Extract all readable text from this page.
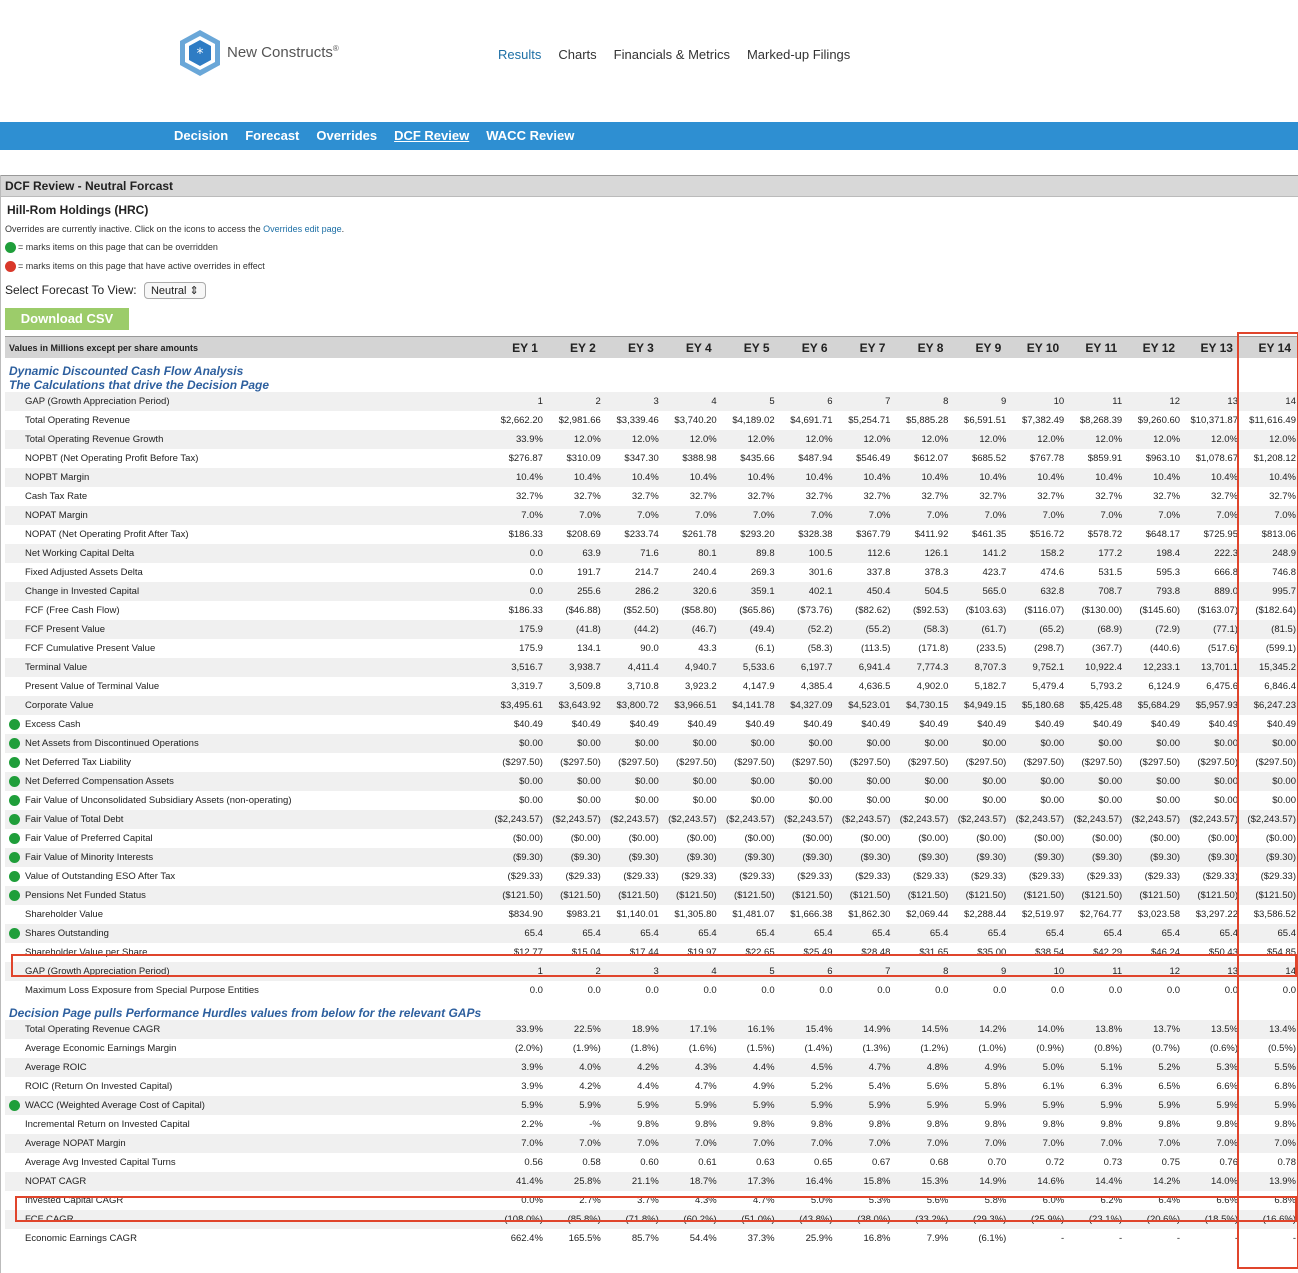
* New Constructs®	Results Charts Financials & Metrics Marked-up Filings
Decision Forecast Overrides DCF Review WACC Review
DCF Review - Neutral Forcast
Hill-Rom Holdings (HRC)
Overrides are currently inactive. Click on the icons to access the Overrides edit page.
= marks items on this page that can be overridden
= marks items on this page that have active overrides in effect
Select Forecast To View: Neutral ⇕
Download CSV
Values in Millions except per share amounts	EY 1	EY 2	EY 3	EY 4	EY 5	EY 6	EY 7	EY 8	EY 9	EY 10	EY 11	EY 12	EY 13	EY 14

Dynamic Discounted Cash Flow Analysis
The Calculations that drive the Decision Page														

GAP (Growth Appreciation Period)	1	2	3	4	5	6	7	8	9	10	11	12	13	14
Total Operating Revenue	$2,662.20	$2,981.66	$3,339.46	$3,740.20	$4,189.02	$4,691.71	$5,254.71	$5,885.28	$6,591.51	$7,382.49	$8,268.39	$9,260.60	$10,371.87	$11,616.49
Total Operating Revenue Growth	33.9%	12.0%	12.0%	12.0%	12.0%	12.0%	12.0%	12.0%	12.0%	12.0%	12.0%	12.0%	12.0%	12.0%
NOPBT (Net Operating Profit Before Tax)	$276.87	$310.09	$347.30	$388.98	$435.66	$487.94	$546.49	$612.07	$685.52	$767.78	$859.91	$963.10	$1,078.67	$1,208.12
NOPBT Margin	10.4%	10.4%	10.4%	10.4%	10.4%	10.4%	10.4%	10.4%	10.4%	10.4%	10.4%	10.4%	10.4%	10.4%
Cash Tax Rate	32.7%	32.7%	32.7%	32.7%	32.7%	32.7%	32.7%	32.7%	32.7%	32.7%	32.7%	32.7%	32.7%	32.7%
NOPAT Margin	7.0%	7.0%	7.0%	7.0%	7.0%	7.0%	7.0%	7.0%	7.0%	7.0%	7.0%	7.0%	7.0%	7.0%
NOPAT (Net Operating Profit After Tax)	$186.33	$208.69	$233.74	$261.78	$293.20	$328.38	$367.79	$411.92	$461.35	$516.72	$578.72	$648.17	$725.95	$813.06
Net Working Capital Delta	0.0	63.9	71.6	80.1	89.8	100.5	112.6	126.1	141.2	158.2	177.2	198.4	222.3	248.9
Fixed Adjusted Assets Delta	0.0	191.7	214.7	240.4	269.3	301.6	337.8	378.3	423.7	474.6	531.5	595.3	666.8	746.8
Change in Invested Capital	0.0	255.6	286.2	320.6	359.1	402.1	450.4	504.5	565.0	632.8	708.7	793.8	889.0	995.7
FCF (Free Cash Flow)	$186.33	($46.88)	($52.50)	($58.80)	($65.86)	($73.76)	($82.62)	($92.53)	($103.63)	($116.07)	($130.00)	($145.60)	($163.07)	($182.64)
FCF Present Value	175.9	(41.8)	(44.2)	(46.7)	(49.4)	(52.2)	(55.2)	(58.3)	(61.7)	(65.2)	(68.9)	(72.9)	(77.1)	(81.5)
FCF Cumulative Present Value	175.9	134.1	90.0	43.3	(6.1)	(58.3)	(113.5)	(171.8)	(233.5)	(298.7)	(367.7)	(440.6)	(517.6)	(599.1)
Terminal Value	3,516.7	3,938.7	4,411.4	4,940.7	5,533.6	6,197.7	6,941.4	7,774.3	8,707.3	9,752.1	10,922.4	12,233.1	13,701.1	15,345.2
Present Value of Terminal Value	3,319.7	3,509.8	3,710.8	3,923.2	4,147.9	4,385.4	4,636.5	4,902.0	5,182.7	5,479.4	5,793.2	6,124.9	6,475.6	6,846.4
Corporate Value	$3,495.61	$3,643.92	$3,800.72	$3,966.51	$4,141.78	$4,327.09	$4,523.01	$4,730.15	$4,949.15	$5,180.68	$5,425.48	$5,684.29	$5,957.93	$6,247.23

Excess Cash	$40.49	$40.49	$40.49	$40.49	$40.49	$40.49	$40.49	$40.49	$40.49	$40.49	$40.49	$40.49	$40.49	$40.49

Net Assets from Discontinued Operations	$0.00	$0.00	$0.00	$0.00	$0.00	$0.00	$0.00	$0.00	$0.00	$0.00	$0.00	$0.00	$0.00	$0.00

Net Deferred Tax Liability	($297.50)	($297.50)	($297.50)	($297.50)	($297.50)	($297.50)	($297.50)	($297.50)	($297.50)	($297.50)	($297.50)	($297.50)	($297.50)	($297.50)

Net Deferred Compensation Assets	$0.00	$0.00	$0.00	$0.00	$0.00	$0.00	$0.00	$0.00	$0.00	$0.00	$0.00	$0.00	$0.00	$0.00

Fair Value of Unconsolidated Subsidiary Assets (non-operating)	$0.00	$0.00	$0.00	$0.00	$0.00	$0.00	$0.00	$0.00	$0.00	$0.00	$0.00	$0.00	$0.00	$0.00

Fair Value of Total Debt	($2,243.57)	($2,243.57)	($2,243.57)	($2,243.57)	($2,243.57)	($2,243.57)	($2,243.57)	($2,243.57)	($2,243.57)	($2,243.57)	($2,243.57)	($2,243.57)	($2,243.57)	($2,243.57)

Fair Value of Preferred Capital	($0.00)	($0.00)	($0.00)	($0.00)	($0.00)	($0.00)	($0.00)	($0.00)	($0.00)	($0.00)	($0.00)	($0.00)	($0.00)	($0.00)

Fair Value of Minority Interests	($9.30)	($9.30)	($9.30)	($9.30)	($9.30)	($9.30)	($9.30)	($9.30)	($9.30)	($9.30)	($9.30)	($9.30)	($9.30)	($9.30)

Value of Outstanding ESO After Tax	($29.33)	($29.33)	($29.33)	($29.33)	($29.33)	($29.33)	($29.33)	($29.33)	($29.33)	($29.33)	($29.33)	($29.33)	($29.33)	($29.33)

Pensions Net Funded Status	($121.50)	($121.50)	($121.50)	($121.50)	($121.50)	($121.50)	($121.50)	($121.50)	($121.50)	($121.50)	($121.50)	($121.50)	($121.50)	($121.50)
Shareholder Value	$834.90	$983.21	$1,140.01	$1,305.80	$1,481.07	$1,666.38	$1,862.30	$2,069.44	$2,288.44	$2,519.97	$2,764.77	$3,023.58	$3,297.22	$3,586.52

Shares Outstanding	65.4	65.4	65.4	65.4	65.4	65.4	65.4	65.4	65.4	65.4	65.4	65.4	65.4	65.4
Shareholder Value per Share	$12.77	$15.04	$17.44	$19.97	$22.65	$25.49	$28.48	$31.65	$35.00	$38.54	$42.29	$46.24	$50.43	$54.85
GAP (Growth Appreciation Period)	1	2	3	4	5	6	7	8	9	10	11	12	13	14
Maximum Loss Exposure from Special Purpose Entities	0.0	0.0	0.0	0.0	0.0	0.0	0.0	0.0	0.0	0.0	0.0	0.0	0.0	0.0

Decision Page pulls Performance Hurdles values from below for the relevant GAPs														

Total Operating Revenue CAGR	33.9%	22.5%	18.9%	17.1%	16.1%	15.4%	14.9%	14.5%	14.2%	14.0%	13.8%	13.7%	13.5%	13.4%
Average Economic Earnings Margin	(2.0%)	(1.9%)	(1.8%)	(1.6%)	(1.5%)	(1.4%)	(1.3%)	(1.2%)	(1.0%)	(0.9%)	(0.8%)	(0.7%)	(0.6%)	(0.5%)
Average ROIC	3.9%	4.0%	4.2%	4.3%	4.4%	4.5%	4.7%	4.8%	4.9%	5.0%	5.1%	5.2%	5.3%	5.5%
ROIC (Return On Invested Capital)	3.9%	4.2%	4.4%	4.7%	4.9%	5.2%	5.4%	5.6%	5.8%	6.1%	6.3%	6.5%	6.6%	6.8%

WACC (Weighted Average Cost of Capital)	5.9%	5.9%	5.9%	5.9%	5.9%	5.9%	5.9%	5.9%	5.9%	5.9%	5.9%	5.9%	5.9%	5.9%
Incremental Return on Invested Capital	2.2%	-%	9.8%	9.8%	9.8%	9.8%	9.8%	9.8%	9.8%	9.8%	9.8%	9.8%	9.8%	9.8%
Average NOPAT Margin	7.0%	7.0%	7.0%	7.0%	7.0%	7.0%	7.0%	7.0%	7.0%	7.0%	7.0%	7.0%	7.0%	7.0%
Average Avg Invested Capital Turns	0.56	0.58	0.60	0.61	0.63	0.65	0.67	0.68	0.70	0.72	0.73	0.75	0.76	0.78
NOPAT CAGR	41.4%	25.8%	21.1%	18.7%	17.3%	16.4%	15.8%	15.3%	14.9%	14.6%	14.4%	14.2%	14.0%	13.9%
Invested Capital CAGR	0.0%	2.7%	3.7%	4.3%	4.7%	5.0%	5.3%	5.6%	5.8%	6.0%	6.2%	6.4%	6.6%	6.8%
FCF CAGR	(108.0%)	(85.8%)	(71.8%)	(60.2%)	(51.0%)	(43.8%)	(38.0%)	(33.2%)	(29.3%)	(25.9%)	(23.1%)	(20.6%)	(18.5%)	(16.6%)
Economic Earnings CAGR	662.4%	165.5%	85.7%	54.4%	37.3%	25.9%	16.8%	7.9%	(6.1%)	-	-	-	-	-
